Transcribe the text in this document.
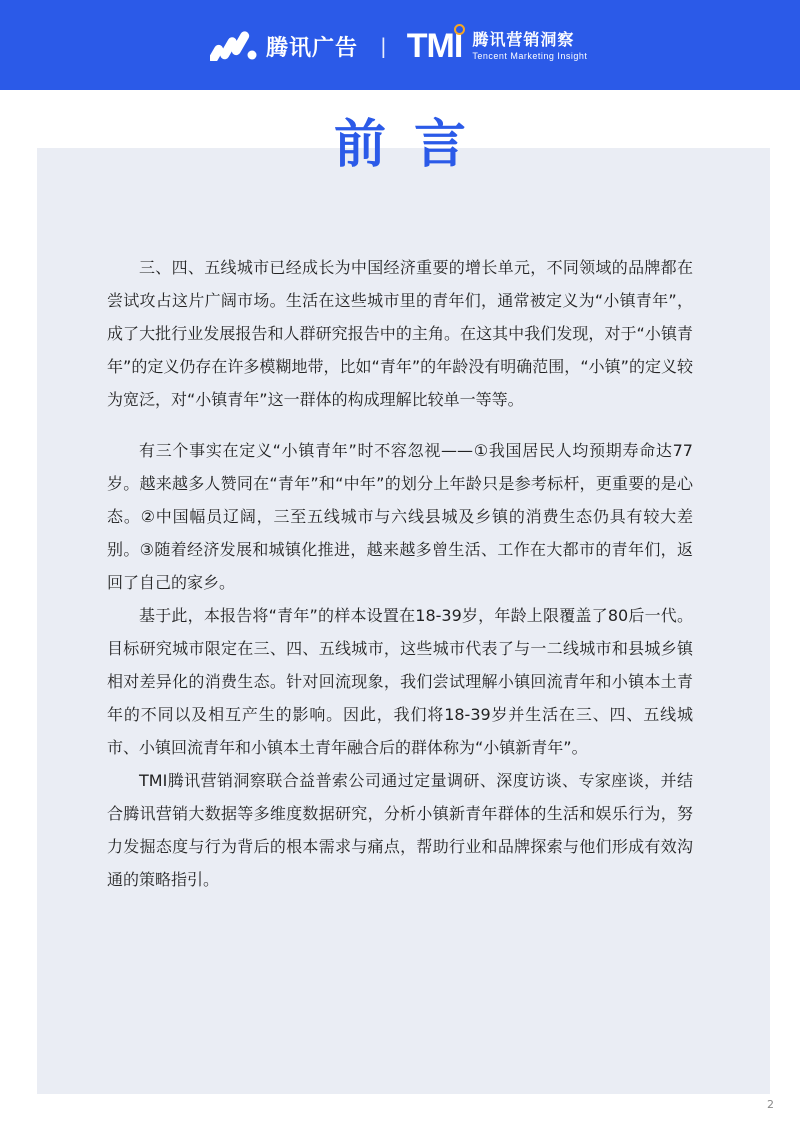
腾讯广告 | TMI 腾讯营销洞察
Tencent Marketing Insight
前言

三、四、五线城市已经成长为中国经济重要的增长单元，不同领域的品牌都在尝试攻占这片广阔市场。生活在这些城市里的青年们，通常被定义为“小镇青年”，成了大批行业发展报告和人群研究报告中的主角。在这其中我们发现，对于“小镇青年”的定义仍存在许多模糊地带，比如“青年”的年龄没有明确范围，“小镇”的定义较为宽泛，对“小镇青年”这一群体的构成理解比较单一等等。

有三个事实在定义“小镇青年”时不容忽视——①我国居民人均预期寿命达77岁。越来越多人赞同在“青年”和“中年”的划分上年龄只是参考标杆，更重要的是心态。②中国幅员辽阔，三至五线城市与六线县城及乡镇的消费生态仍具有较大差别。③随着经济发展和城镇化推进，越来越多曾生活、工作在大都市的青年们，返回了自己的家乡。

基于此，本报告将“青年”的样本设置在18-39岁，年龄上限覆盖了80后一代。目标研究城市限定在三、四、五线城市，这些城市代表了与一二线城市和县城乡镇相对差异化的消费生态。针对回流现象，我们尝试理解小镇回流青年和小镇本土青年的不同以及相互产生的影响。因此，我们将18-39岁并生活在三、四、五线城市、小镇回流青年和小镇本土青年融合后的群体称为“小镇新青年”。

TMI腾讯营销洞察联合益普索公司通过定量调研、深度访谈、专家座谈，并结合腾讯营销大数据等多维度数据研究，分析小镇新青年群体的生活和娱乐行为，努力发掘态度与行为背后的根本需求与痛点，帮助行业和品牌探索与他们形成有效沟通的策略指引。

2
